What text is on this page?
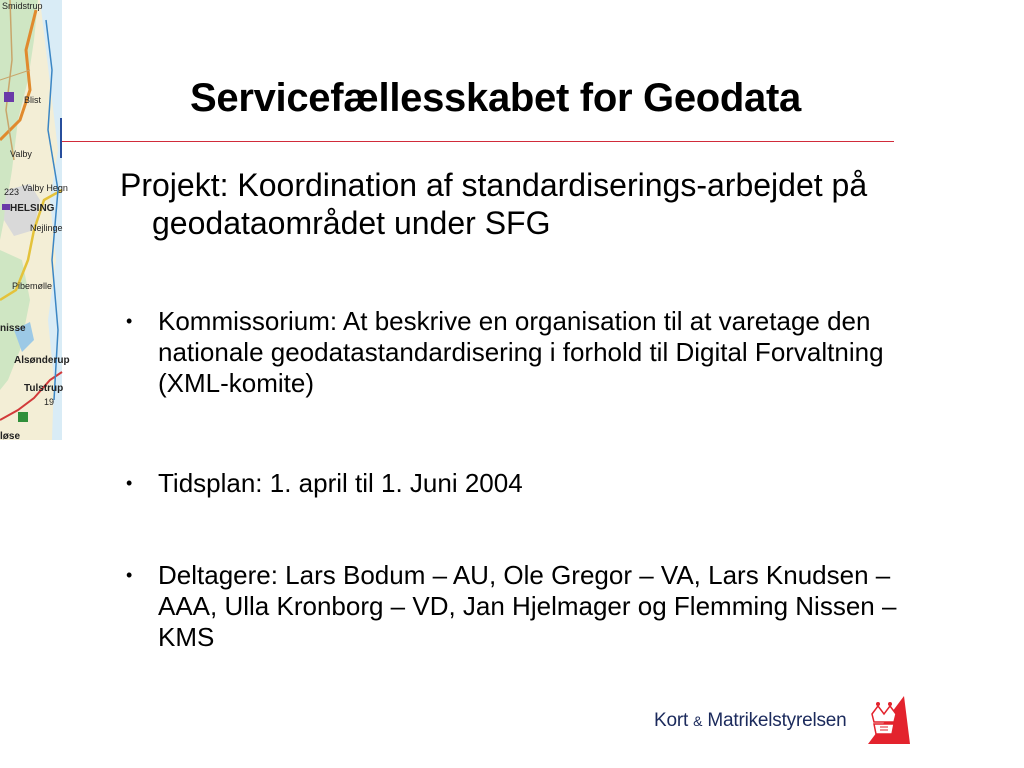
Smidstrup
Blist
Valby
223 Valby Hegn
HELSING
Nejlinge
Pibemølle
nisse
Alsønderup
Tulstrup
19
løse
Servicefællesskabet for Geodata
Projekt: Koordination af standardiserings-arbejdet på geodataområdet under SFG
• Kommissorium: At beskrive en organisation til at varetage den nationale geodatastandardisering i forhold til Digital Forvaltning (XML-komite)
• Tidsplan: 1. april til 1. Juni 2004
• Deltagere: Lars Bodum – AU, Ole Gregor – VA, Lars Knudsen – AAA, Ulla Kronborg – VD, Jan Hjelmager og Flemming Nissen – KMS
Kort & Matrikelstyrelsen
